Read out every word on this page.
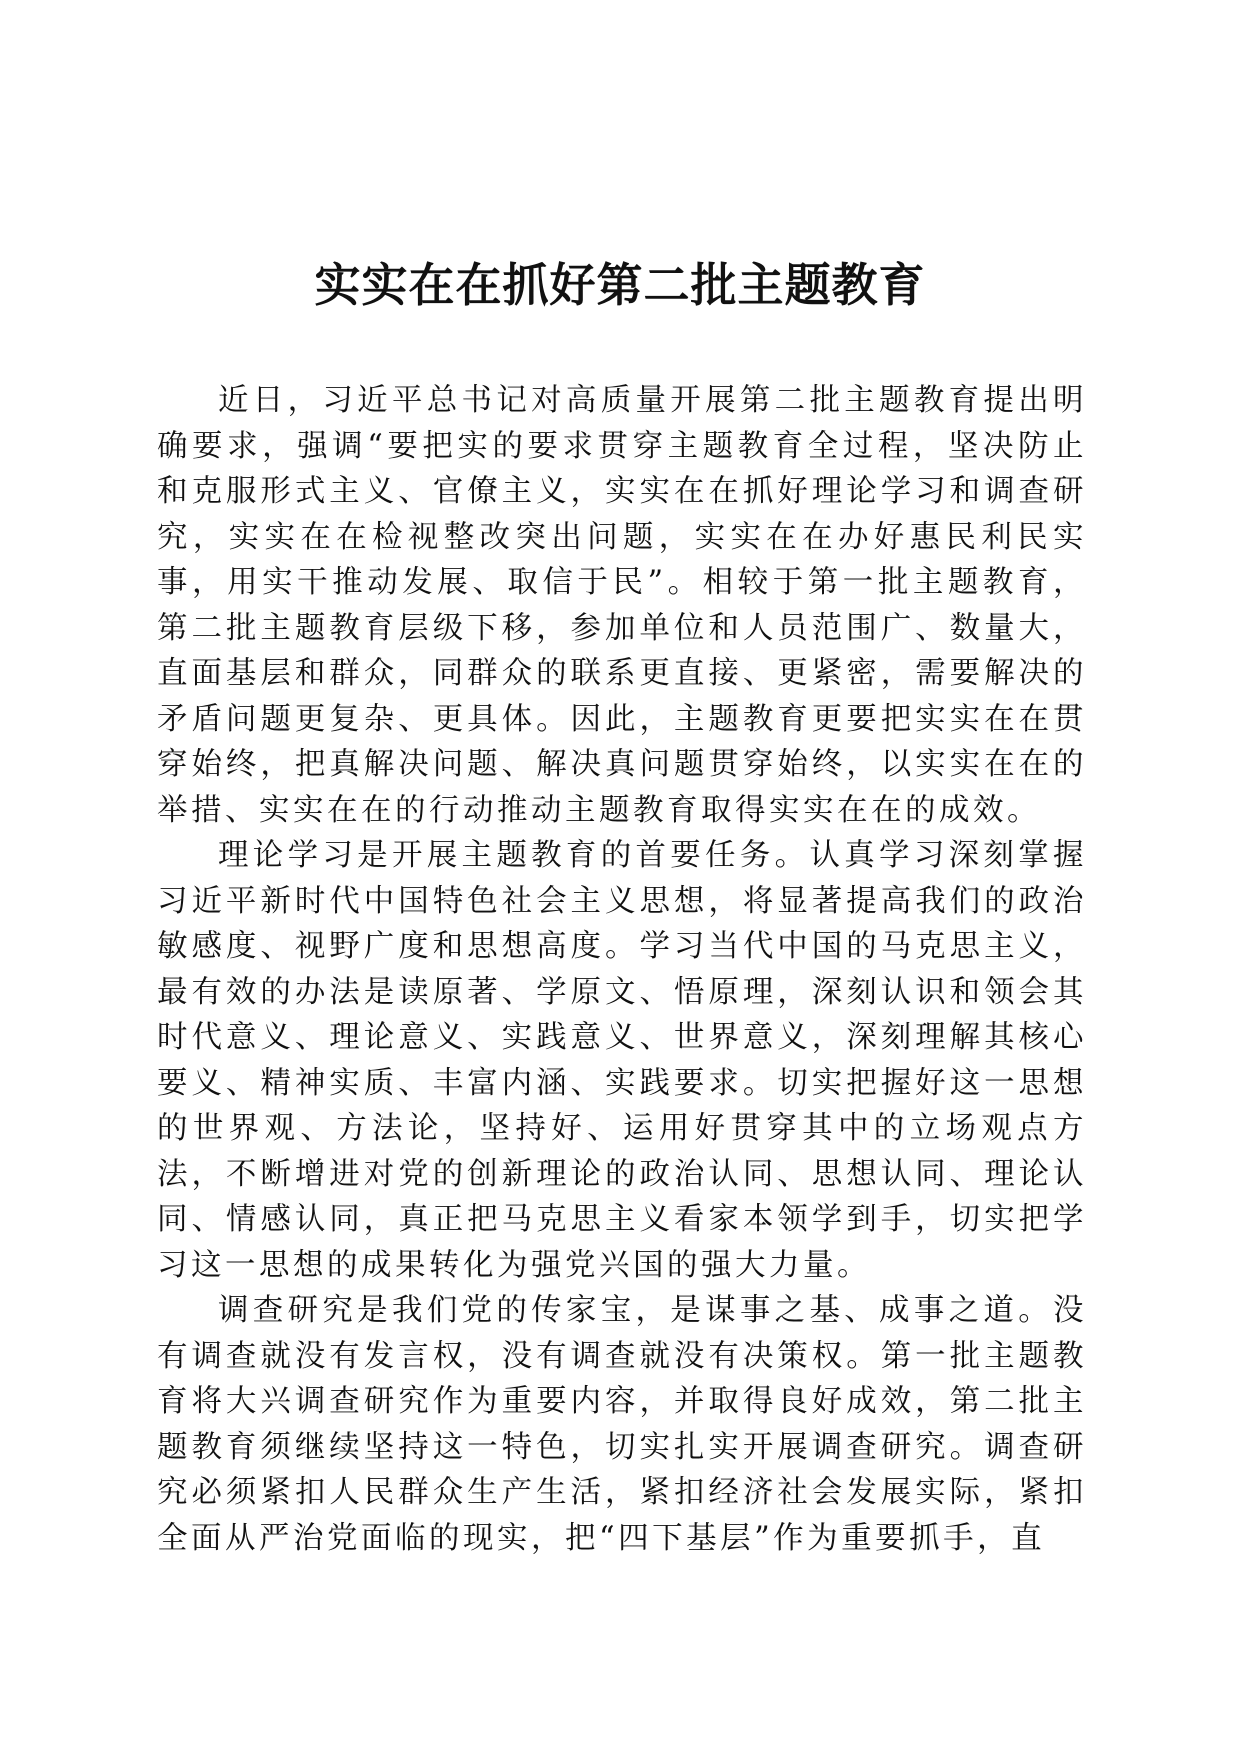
实实在在抓好第二批主题教育

近日，习近平总书记对高质量开展第二批主题教育提出明确要求，强调“要把实的要求贯穿主题教育全过程，坚决防止和克服形式主义、官僚主义，实实在在抓好理论学习和调查研究，实实在在检视整改突出问题，实实在在办好惠民利民实事，用实干推动发展、取信于民”。相较于第一批主题教育，第二批主题教育层级下移，参加单位和人员范围广、数量大，直面基层和群众，同群众的联系更直接、更紧密，需要解决的矛盾问题更复杂、更具体。因此，主题教育更要把实实在在贯穿始终，把真解决问题、解决真问题贯穿始终，以实实在在的举措、实实在在的行动推动主题教育取得实实在在的成效。

理论学习是开展主题教育的首要任务。认真学习深刻掌握习近平新时代中国特色社会主义思想，将显著提高我们的政治敏感度、视野广度和思想高度。学习当代中国的马克思主义，最有效的办法是读原著、学原文、悟原理，深刻认识和领会其时代意义、理论意义、实践意义、世界意义，深刻理解其核心要义、精神实质、丰富内涵、实践要求。切实把握好这一思想的世界观、方法论，坚持好、运用好贯穿其中的立场观点方法，不断增进对党的创新理论的政治认同、思想认同、理论认同、情感认同，真正把马克思主义看家本领学到手，切实把学习这一思想的成果转化为强党兴国的强大力量。

调查研究是我们党的传家宝，是谋事之基、成事之道。没有调查就没有发言权，没有调查就没有决策权。第一批主题教育将大兴调查研究作为重要内容，并取得良好成效，第二批主题教育须继续坚持这一特色，切实扎实开展调查研究。调查研究必须紧扣人民群众生产生活，紧扣经济社会发展实际，紧扣全面从严治党面临的现实，把“四下基层”作为重要抓手，直
